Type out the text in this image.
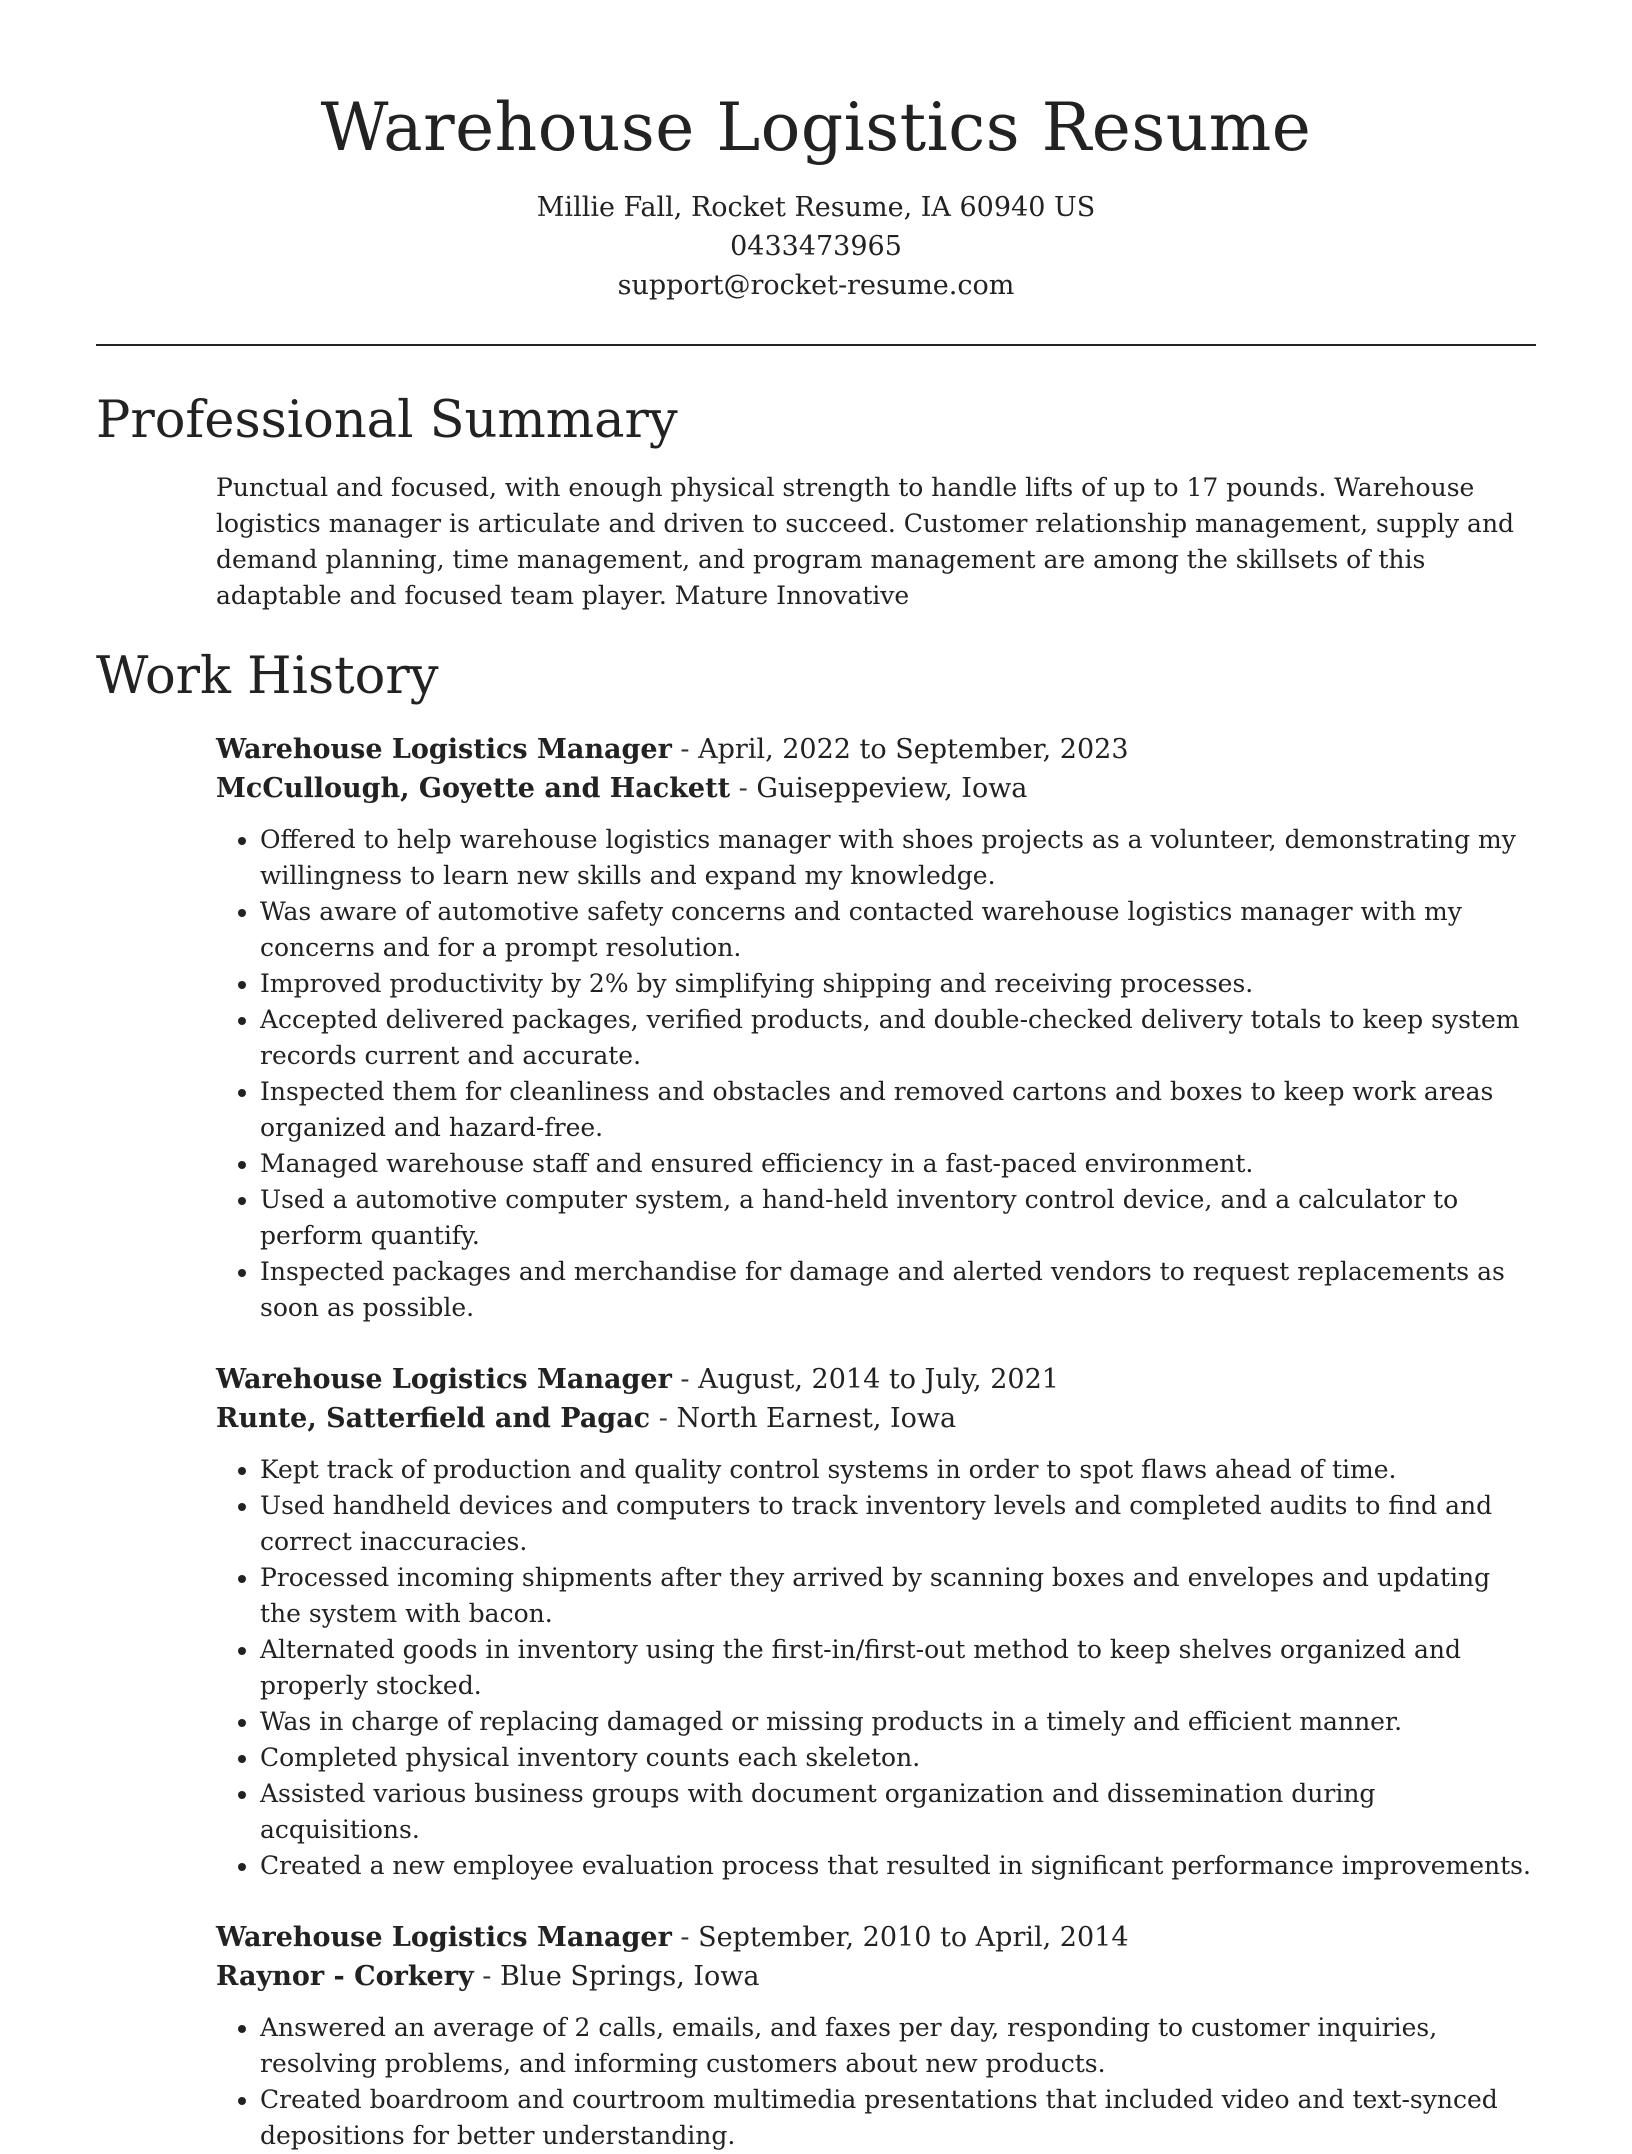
Warehouse Logistics Resume

Millie Fall, Rocket Resume, IA 60940 US

0433473965

support@rocket-resume.com

Professional Summary

Punctual and focused, with enough physical strength to handle lifts of up to 17 pounds. Warehouse logistics manager is articulate and driven to succeed. Customer relationship management, supply and demand planning, time management, and program management are among the skillsets of this adaptable and focused team player. Mature Innovative

Work History

Warehouse Logistics Manager - April, 2022 to September, 2023

McCullough, Goyette and Hackett - Guiseppeview, Iowa

• Offered to help warehouse logistics manager with shoes projects as a volunteer, demonstrating my willingness to learn new skills and expand my knowledge.
• Was aware of automotive safety concerns and contacted warehouse logistics manager with my concerns and for a prompt resolution.
• Improved productivity by 2% by simplifying shipping and receiving processes.
• Accepted delivered packages, verified products, and double-checked delivery totals to keep system records current and accurate.
• Inspected them for cleanliness and obstacles and removed cartons and boxes to keep work areas organized and hazard-free.
• Managed warehouse staff and ensured efficiency in a fast-paced environment.
• Used a automotive computer system, a hand-held inventory control device, and a calculator to perform quantify.
• Inspected packages and merchandise for damage and alerted vendors to request replacements as soon as possible.

Warehouse Logistics Manager - August, 2014 to July, 2021

Runte, Satterfield and Pagac - North Earnest, Iowa

• Kept track of production and quality control systems in order to spot flaws ahead of time.
• Used handheld devices and computers to track inventory levels and completed audits to find and correct inaccuracies.
• Processed incoming shipments after they arrived by scanning boxes and envelopes and updating the system with bacon.
• Alternated goods in inventory using the first-in/first-out method to keep shelves organized and properly stocked.
• Was in charge of replacing damaged or missing products in a timely and efficient manner.
• Completed physical inventory counts each skeleton.
• Assisted various business groups with document organization and dissemination during acquisitions.
• Created a new employee evaluation process that resulted in significant performance improvements.

Warehouse Logistics Manager - September, 2010 to April, 2014

Raynor - Corkery - Blue Springs, Iowa

• Answered an average of 2 calls, emails, and faxes per day, responding to customer inquiries, resolving problems, and informing customers about new products.
• Created boardroom and courtroom multimedia presentations that included video and text-synced depositions for better understanding.
